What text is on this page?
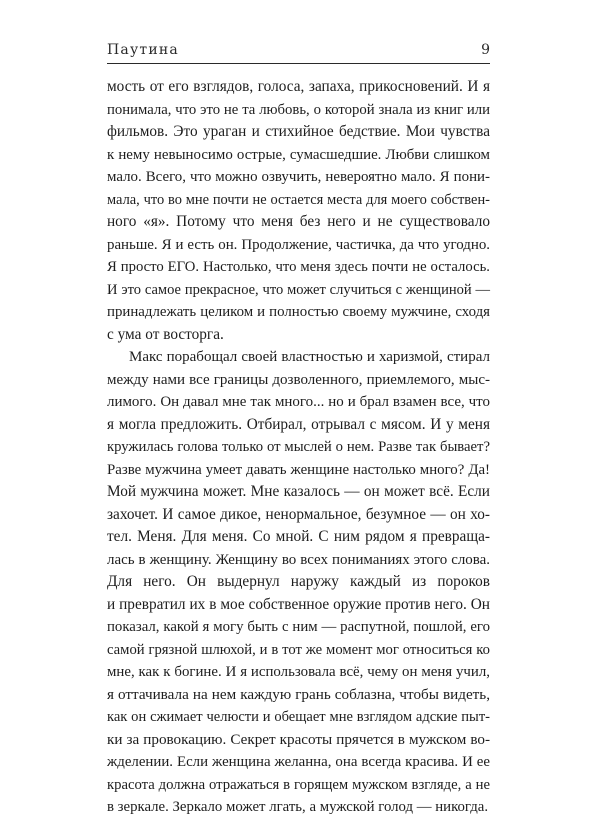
Паутина	9
мость от его взглядов, голоса, запаха, прикосновений. И я
понимала, что это не та любовь, о которой знала из книг или
фильмов. Это ураган и стихийное бедствие. Мои чувства
к нему невыносимо острые, сумасшедшие. Любви слишком
мало. Всего, что можно озвучить, невероятно мало. Я пони-
мала, что во мне почти не остается места для моего собствен-
ного «я». Потому что меня без него и не существовало
раньше. Я и есть он. Продолжение, частичка, да что угодно.
Я просто ЕГО. Настолько, что меня здесь почти не осталось.
И это самое прекрасное, что может случиться с женщиной —
принадлежать целиком и полностью своему мужчине, сходя
с ума от восторга.
Макс порабощал своей властностью и харизмой, стирал
между нами все границы дозволенного, приемлемого, мыс-
лимого. Он давал мне так много... но и брал взамен все, что
я могла предложить. Отбирал, отрывал с мясом. И у меня
кружилась голова только от мыслей о нем. Разве так бывает?
Разве мужчина умеет давать женщине настолько много? Да!
Мой мужчина может. Мне казалось — он может всё. Если
захочет. И самое дикое, ненормальное, безумное — он хо-
тел. Меня. Для меня. Со мной. С ним рядом я превращa-
лась в женщину. Женщину во всех пониманиях этого слова.
Для него. Он выдернул наружу каждый из пороков
и превратил их в мое собственное оружие против него. Он
показал, какой я могу быть с ним — распутной, пошлой, его
самой грязной шлюхой, и в тот же момент мог относиться ко
мне, как к богине. И я использовала всё, чему он меня учил,
я оттачивала на нем каждую грань соблазна, чтобы видеть,
как он сжимает челюсти и обещает мне взглядом адские пыт-
ки за провокацию. Секрет красоты прячется в мужском во-
жделении. Если женщина желанна, она всегда красива. И ее
красота должна отражаться в горящем мужском взгляде, а не
в зеркале. Зеркало может лгать, а мужской голод — никогда.
